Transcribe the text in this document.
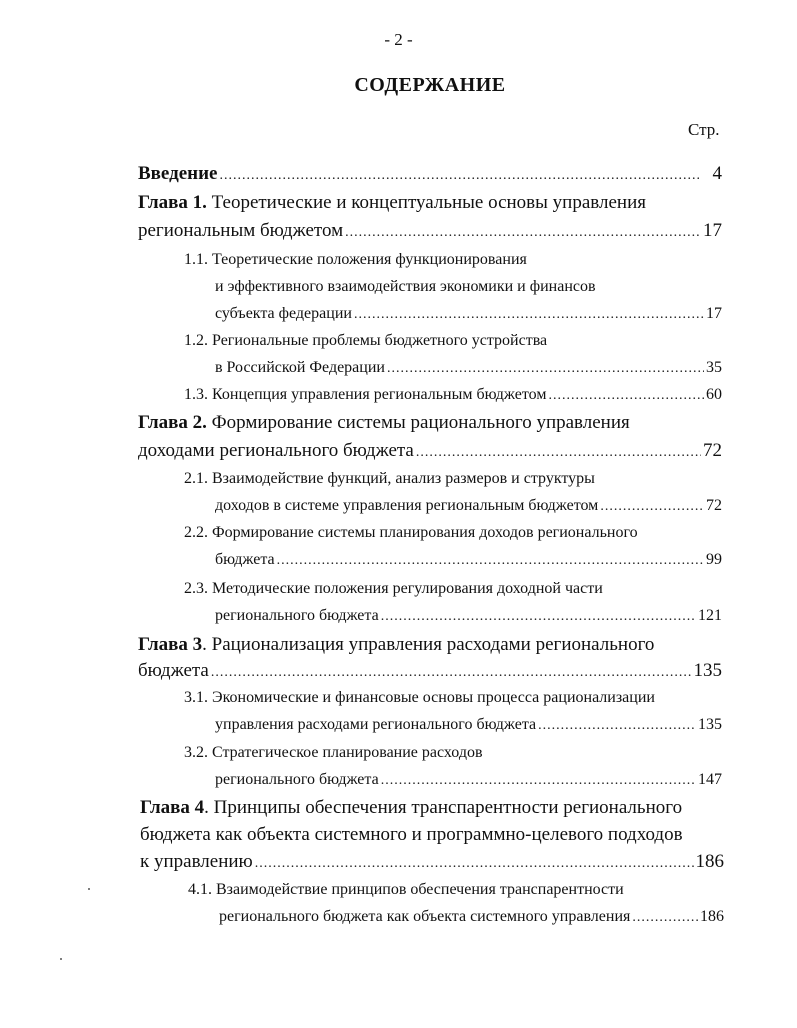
- 2 -
СОДЕРЖАНИЕ
Стр.
Введение .....	4
Глава 1.
Теоретические и концептуальные основы управления
региональным бюджетом .....	17
1.1.
Теоретические положения функционирования
и эффективного взаимодействия экономики и финансов
субъекта федерации .....	17
1.2.
Региональные проблемы бюджетного устройства
в Российской Федерации .....	35
1.3.
Концепция управления региональным бюджетом .....	60
Глава 2.
Формирование системы рационального управления
доходами регионального бюджета .....	72
2.1.
Взаимодействие функций, анализ размеров и структуры
доходов в системе управления региональным бюджетом .....	72
2.2.
Формирование системы планирования доходов регионального
бюджета .....	99
2.3.
Методические положения регулирования доходной части
регионального бюджета .....	121
Глава 3 . Рационализация управления расходами регионального
бюджета .....	135
3.1.
Экономические и финансовые основы процесса рационализации
управления расходами регионального бюджета .....	135
3.2.
Стратегическое планирование расходов
регионального бюджета .....	147
Глава 4 . Принципы обеспечения транспарентности регионального
бюджета как объекта системного и программно-целевого подходов
к управлению .....	186
4.1.
Взаимодействие принципов обеспечения транспарентности
регионального бюджета как объекта системного управления .....	186
